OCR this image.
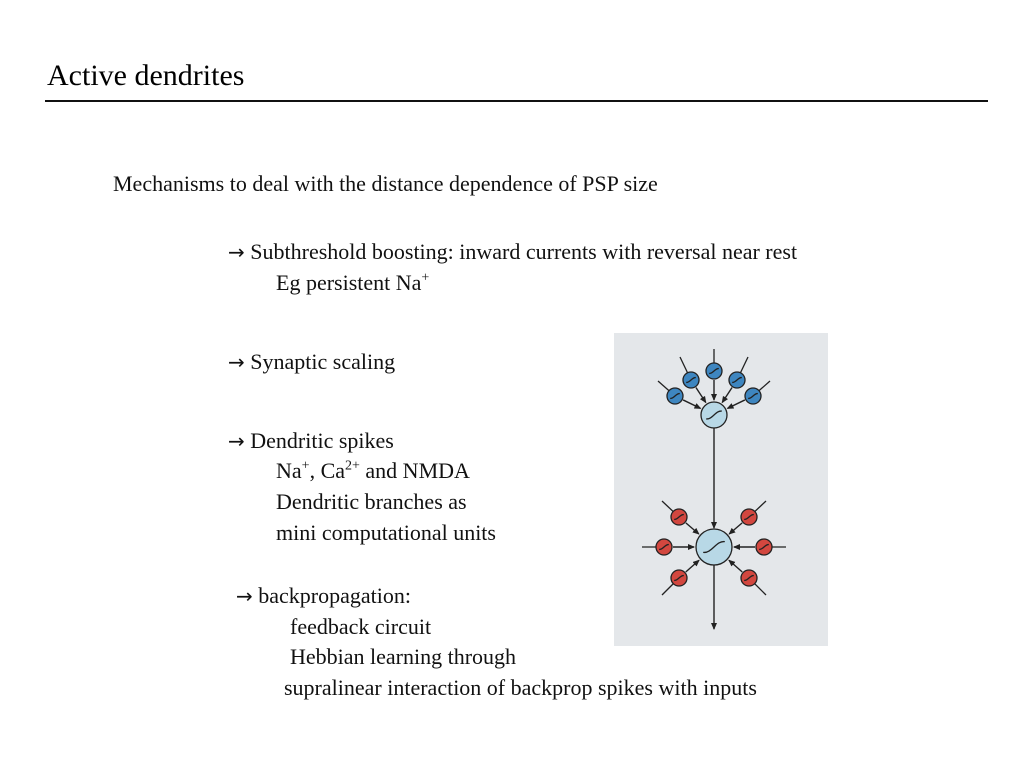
Active dendrites
Mechanisms to deal with the distance dependence of PSP size
→ Subthreshold boosting: inward currents with reversal near rest
Eg persistent Na+
→ Synaptic scaling
→ Dendritic spikes
Na+, $Ca^{2+}$ and NMDA
Dendritic branches as
mini computational units
→ backpropagation:
feedback circuit
Hebbian learning through
supralinear interaction of backprop spikes with inputs
